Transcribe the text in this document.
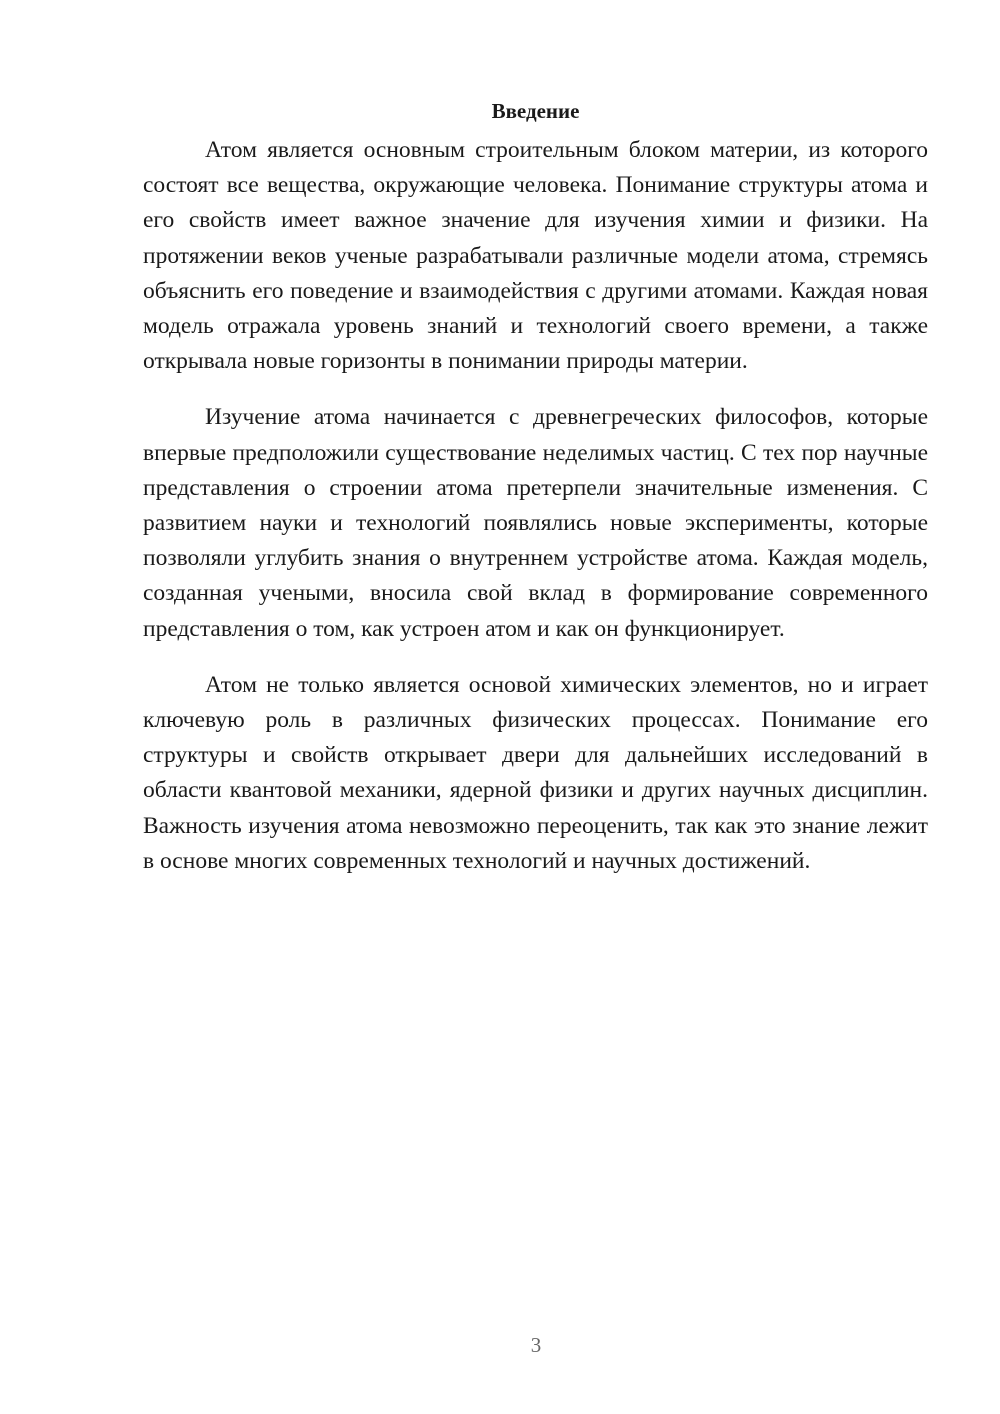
Введение

Атом является основным строительным блоком материи, из которого состоят все вещества, окружающие человека. Понимание структуры атома и его свойств имеет важное значение для изучения химии и физики. На протяжении веков ученые разрабатывали различные модели атома, стремясь объяснить его поведение и взаимодействия с другими атомами. Каждая новая модель отражала уровень знаний и технологий своего времени, а также открывала новые горизонты в понимании природы материи.

Изучение атома начинается с древнегреческих философов, которые впервые предположили существование неделимых частиц. С тех пор научные представления о строении атома претерпели значительные изменения. С развитием науки и технологий появлялись новые эксперименты, которые позволяли углубить знания о внутреннем устройстве атома. Каждая модель, созданная учеными, вносила свой вклад в формирование современного представления о том, как устроен атом и как он функционирует.

Атом не только является основой химических элементов, но и играет ключевую роль в различных физических процессах. Понимание его структуры и свойств открывает двери для дальнейших исследований в области квантовой механики, ядерной физики и других научных дисциплин. Важность изучения атома невозможно переоценить, так как это знание лежит в основе многих современных технологий и научных достижений.

3
